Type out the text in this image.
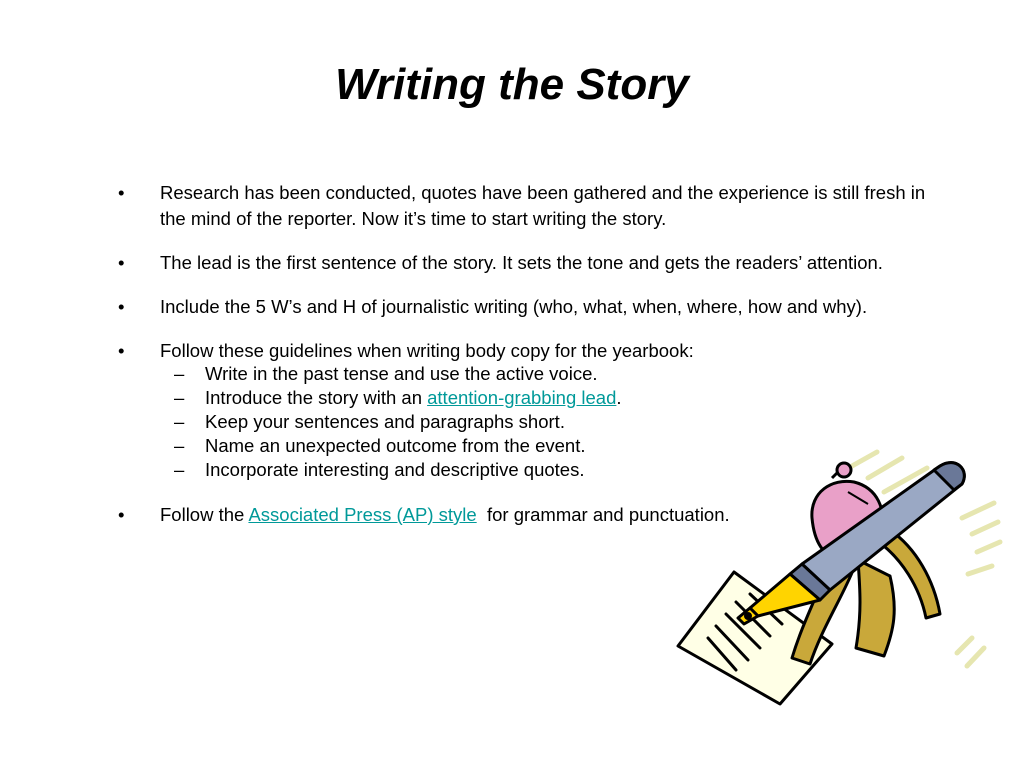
Writing the Story
• Research has been conducted, quotes have been gathered and the experience is still fresh in the mind of the reporter. Now it’s time to start writing the story.
• The lead is the first sentence of the story. It sets the tone and gets the readers’ attention.
• Include the 5 W’s and H of journalistic writing (who, what, when, where, how and why).
• Follow these guidelines when writing body copy for the yearbook:
– Write in the past tense and use the active voice.
– Introduce the story with an attention-grabbing lead.
– Keep your sentences and paragraphs short.
– Name an unexpected outcome from the event.
– Incorporate interesting and descriptive quotes.
• Follow the Associated Press (AP) style  for grammar and punctuation.
